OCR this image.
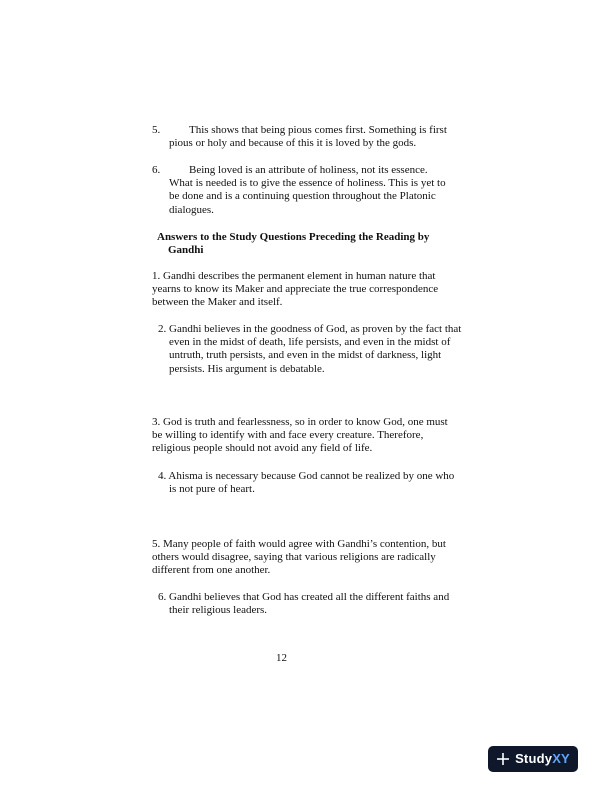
5.	This shows that being pious comes first. Something is first pious or holy and because of this it is loved by the gods.
6.	Being loved is an attribute of holiness, not its essence. What is needed is to give the essence of holiness. This is yet to be done and is a continuing question throughout the Platonic dialogues.
Answers to the Study Questions Preceding the Reading by Gandhi
1. Gandhi describes the permanent element in human nature that yearns to know its Maker and appreciate the true correspondence between the Maker and itself.
2. Gandhi believes in the goodness of God, as proven by the fact that even in the midst of death, life persists, and even in the midst of untruth, truth persists, and even in the midst of darkness, light persists. His argument is debatable.
3. God is truth and fearlessness, so in order to know God, one must be willing to identify with and face every creature. Therefore, religious people should not avoid any field of life.
4. Ahisma is necessary because God cannot be realized by one who is not pure of heart.
5. Many people of faith would agree with Gandhi’s contention, but others would disagree, saying that various religions are radically different from one another.
6. Gandhi believes that God has created all the different faiths and their religious leaders.
12
Study XY
